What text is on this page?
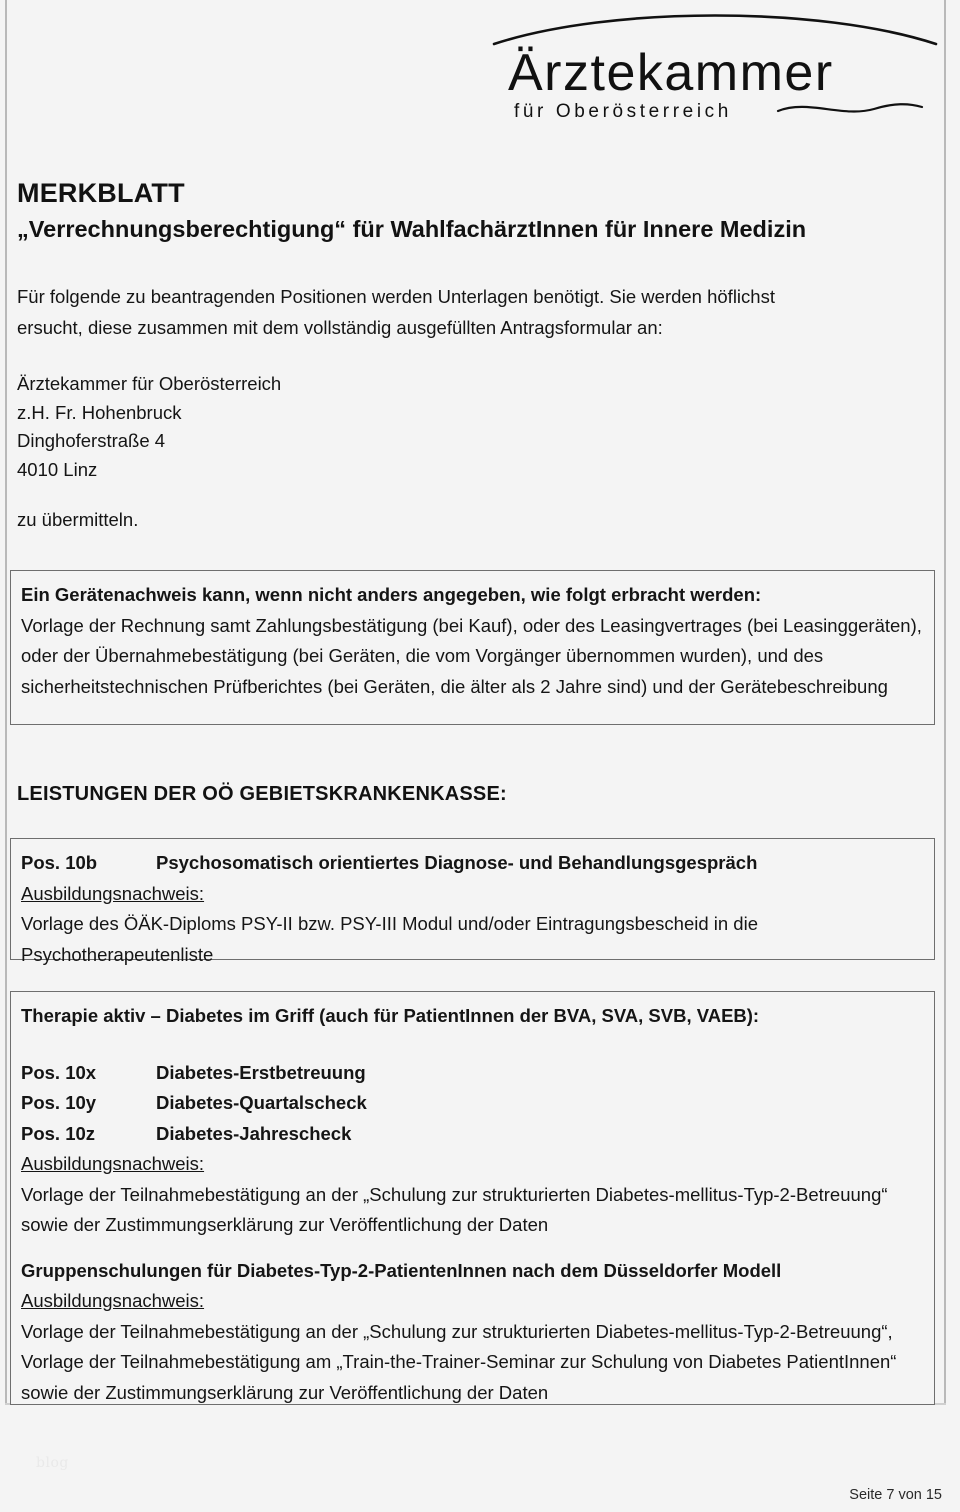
Ärztekammer
für Oberösterreich
MERKBLATT
„Verrechnungsberechtigung“ für WahlfachärztInnen für Innere Medizin
Für folgende zu beantragenden Positionen werden Unterlagen benötigt. Sie werden höflichst
ersucht, diese zusammen mit dem vollständig ausgefüllten Antragsformular an:
Ärztekammer für Oberösterreich
z.H. Fr. Hohenbruck
Dinghoferstraße 4
4010 Linz
zu übermitteln.
Ein Gerätenachweis kann, wenn nicht anders angegeben, wie folgt erbracht werden:
Vorlage der Rechnung samt Zahlungsbestätigung (bei Kauf), oder des Leasingvertrages (bei Leasinggeräten), oder der Übernahmebestätigung (bei Geräten, die vom Vorgänger übernommen wurden), und des sicherheitstechnischen Prüfberichtes (bei Geräten, die älter als 2 Jahre sind) und der Gerätebeschreibung
LEISTUNGEN DER OÖ GEBIETSKRANKENKASSE:
Pos. 10b	Psychosomatisch orientiertes Diagnose- und Behandlungsgespräch
Ausbildungsnachweis:
Vorlage des ÖÄK-Diploms PSY-II bzw. PSY-III Modul und/oder Eintragungsbescheid in die Psychotherapeutenliste
Therapie aktiv – Diabetes im Griff (auch für PatientInnen der BVA, SVA, SVB, VAEB):
Pos. 10x	Diabetes-Erstbetreuung
Pos. 10y	Diabetes-Quartalscheck
Pos. 10z	Diabetes-Jahrescheck
Ausbildungsnachweis:
Vorlage der Teilnahmebestätigung an der „Schulung zur strukturierten Diabetes-mellitus-Typ-2-Betreuung“ sowie der Zustimmungserklärung zur Veröffentlichung der Daten
Gruppenschulungen für Diabetes-Typ-2-PatientenInnen nach dem Düsseldorfer Modell
Ausbildungsnachweis:
Vorlage der Teilnahmebestätigung an der „Schulung zur strukturierten Diabetes-mellitus-Typ-2-Betreuung“, Vorlage der Teilnahmebestätigung am „Train-the-Trainer-Seminar zur Schulung von Diabetes PatientInnen“ sowie der Zustimmungserklärung zur Veröffentlichung der Daten
blog
Seite 7 von 15
